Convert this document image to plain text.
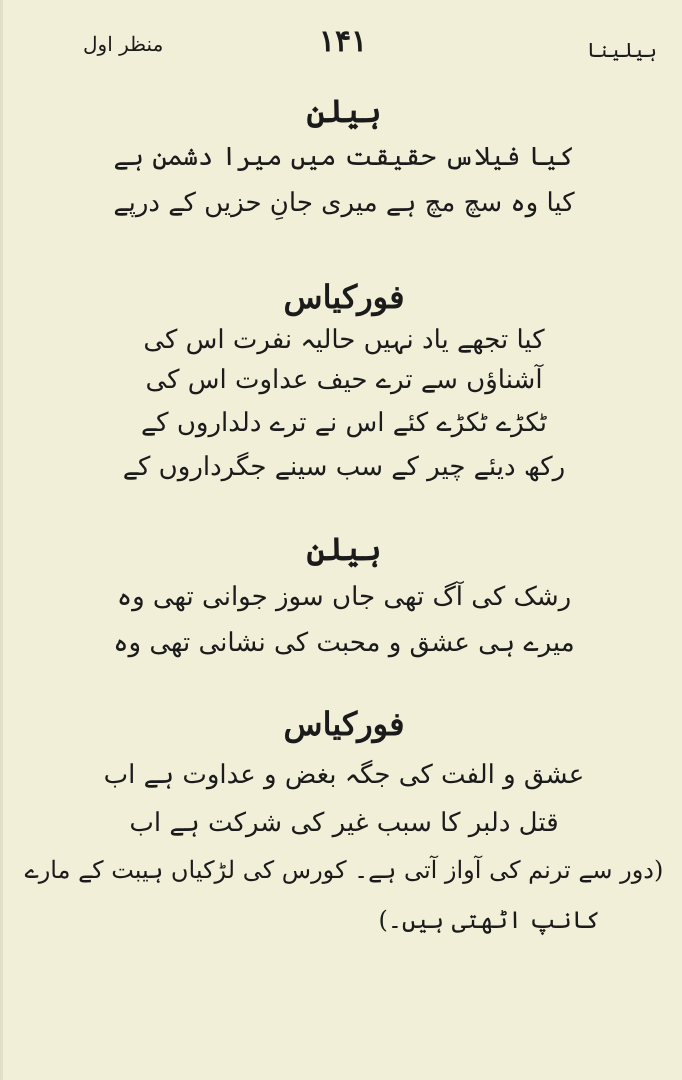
منظر اول	۱۴۱	ہیلینا
ہیلن
کیا فیلاس حقیقت میں میرا دشمن ہے
کیا وہ سچ مچ ہے میری جانِ حزیں کے درپے
فورکیاس
کیا تجھے یاد نہیں حالیہ نفرت اس کی
آشناؤں سے ترے حیف عداوت اس کی
ٹکڑے ٹکڑے کئے اس نے ترے دلداروں کے
رکھ دیئے چیر کے سب سینے جگرداروں کے
ہیلن
رشک کی آگ تھی جاں سوز جوانی تھی وہ
میرے ہی عشق و محبت کی نشانی تھی وہ
فورکیاس
عشق و الفت کی جگہ بغض و عداوت ہے اب
قتل دلبر کا سبب غیر کی شرکت ہے اب
(دور سے ترنم کی آواز آتی ہے۔ کورس کی لڑکیاں ہیبت کے مارے
کانپ اٹھتی ہیں۔)
